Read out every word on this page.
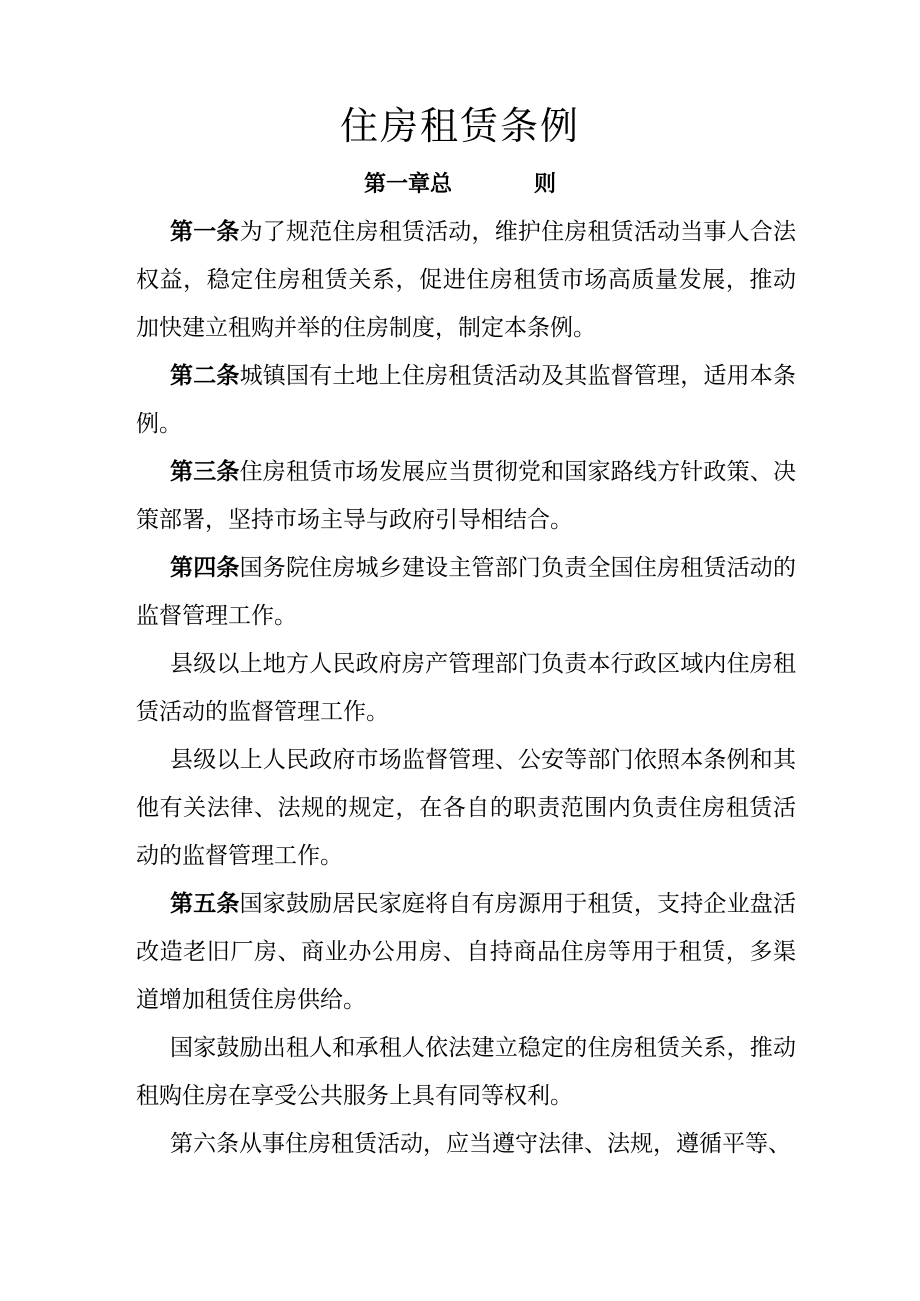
住房租赁条例
第一章总	则

第一条为了规范住房租赁活动，维护住房租赁活动当事人合法权益，稳定住房租赁关系，促进住房租赁市场高质量发展，推动加快建立租购并举的住房制度，制定本条例。

第二条城镇国有土地上住房租赁活动及其监督管理，适用本条例。

第三条住房租赁市场发展应当贯彻党和国家路线方针政策、决策部署，坚持市场主导与政府引导相结合。

第四条国务院住房城乡建设主管部门负责全国住房租赁活动的监督管理工作。

县级以上地方人民政府房产管理部门负责本行政区域内住房租赁活动的监督管理工作。

县级以上人民政府市场监督管理、公安等部门依照本条例和其他有关法律、法规的规定，在各自的职责范围内负责住房租赁活动的监督管理工作。

第五条国家鼓励居民家庭将自有房源用于租赁，支持企业盘活改造老旧厂房、商业办公用房、自持商品住房等用于租赁，多渠道增加租赁住房供给。

国家鼓励出租人和承租人依法建立稳定的住房租赁关系，推动租购住房在享受公共服务上具有同等权利。

第六条从事住房租赁活动，应当遵守法律、法规，遵循平等、
